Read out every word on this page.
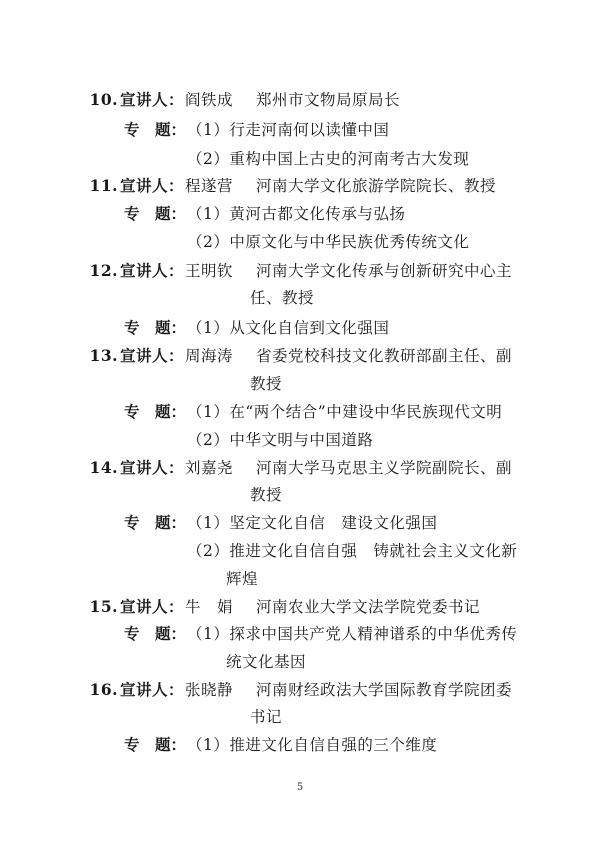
10. 宣讲人： 阎铁成 郑州市文物局原局长
专　题： （1）行走河南何以读懂中国
（2）重构中国上古史的河南考古大发现
11. 宣讲人： 程遂营 河南大学文化旅游学院院长、教授
专　题： （1）黄河古都文化传承与弘扬
（2）中原文化与中华民族优秀传统文化
12. 宣讲人： 王明钦 河南大学文化传承与创新研究中心主
任、教授
专　题： （1）从文化自信到文化强国
13. 宣讲人： 周海涛 省委党校科技文化教研部副主任、副
教授
专　题： （1）在“两个结合”中建设中华民族现代文明
（2）中华文明与中国道路
14. 宣讲人： 刘嘉尧 河南大学马克思主义学院副院长、副
教授
专　题： （1）坚定文化自信　建设文化强国
（2）推进文化自信自强　铸就社会主义文化新
辉煌
15. 宣讲人： 牛　娟 河南农业大学文法学院党委书记
专　题： （1）探求中国共产党人精神谱系的中华优秀传
统文化基因
16. 宣讲人： 张晓静 河南财经政法大学国际教育学院团委
书记
专　题： （1）推进文化自信自强的三个维度
5
